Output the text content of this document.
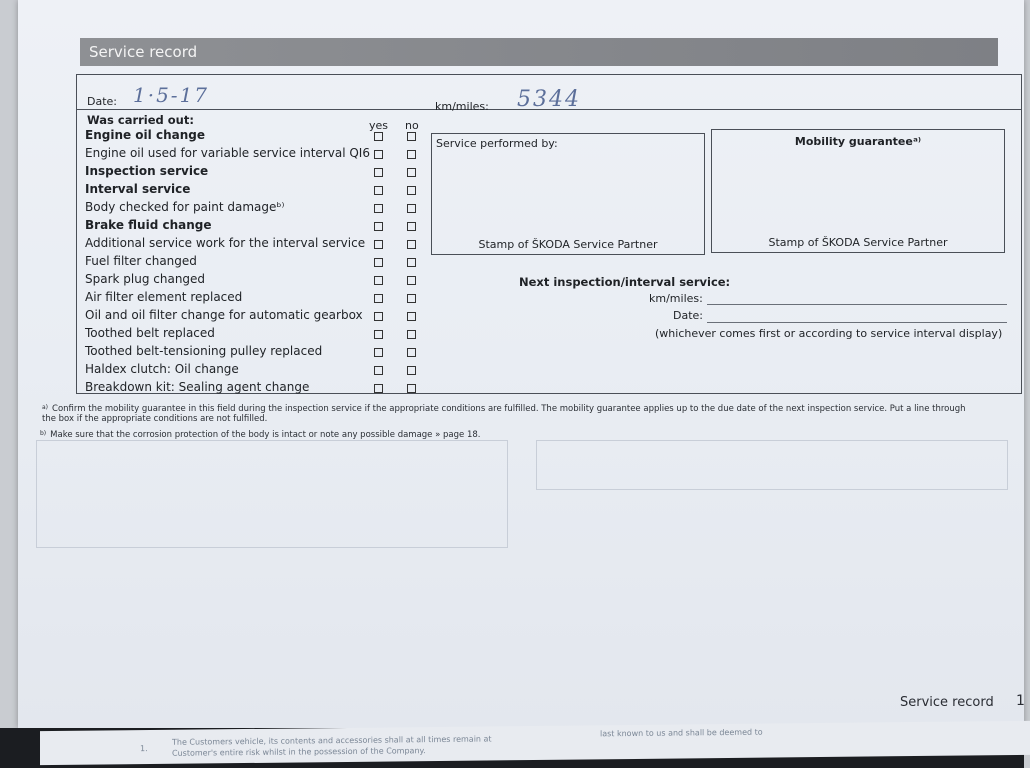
Service record
Date: 1·5-17	km/miles: 5344
Was carried out:	yes no
Engine oil change
Engine oil used for variable service interval QI6
Inspection service
Interval service
Body checked for paint damageᵇ⁾
Brake fluid change
Additional service work for the interval service
Fuel filter changed
Spark plug changed
Air filter element replaced
Oil and oil filter change for automatic gearbox
Toothed belt replaced
Toothed belt-tensioning pulley replaced
Haldex clutch: Oil change
Breakdown kit: Sealing agent change
Service performed by:
Stamp of ŠKODA Service Partner
Mobility guaranteeᵃ⁾
Stamp of ŠKODA Service Partner
Next inspection/interval service:
km/miles:
Date:
(whichever comes first or according to service interval display)
$^{a)}$ Confirm the mobility guarantee in this field during the inspection service if the appropriate conditions are fulfilled. The mobility guarantee applies up to the due date of the next inspection service. Put a line through the box if the appropriate conditions are not fulfilled.
$^{b)}$ Make sure that the corrosion protection of the body is intact or note any possible damage » page 18.
Service record 1
1.
The Customers vehicle, its contents and accessories shall at all times remain at
Customer's entire risk whilst in the possession of the Company.
last known to us and shall be deemed to
